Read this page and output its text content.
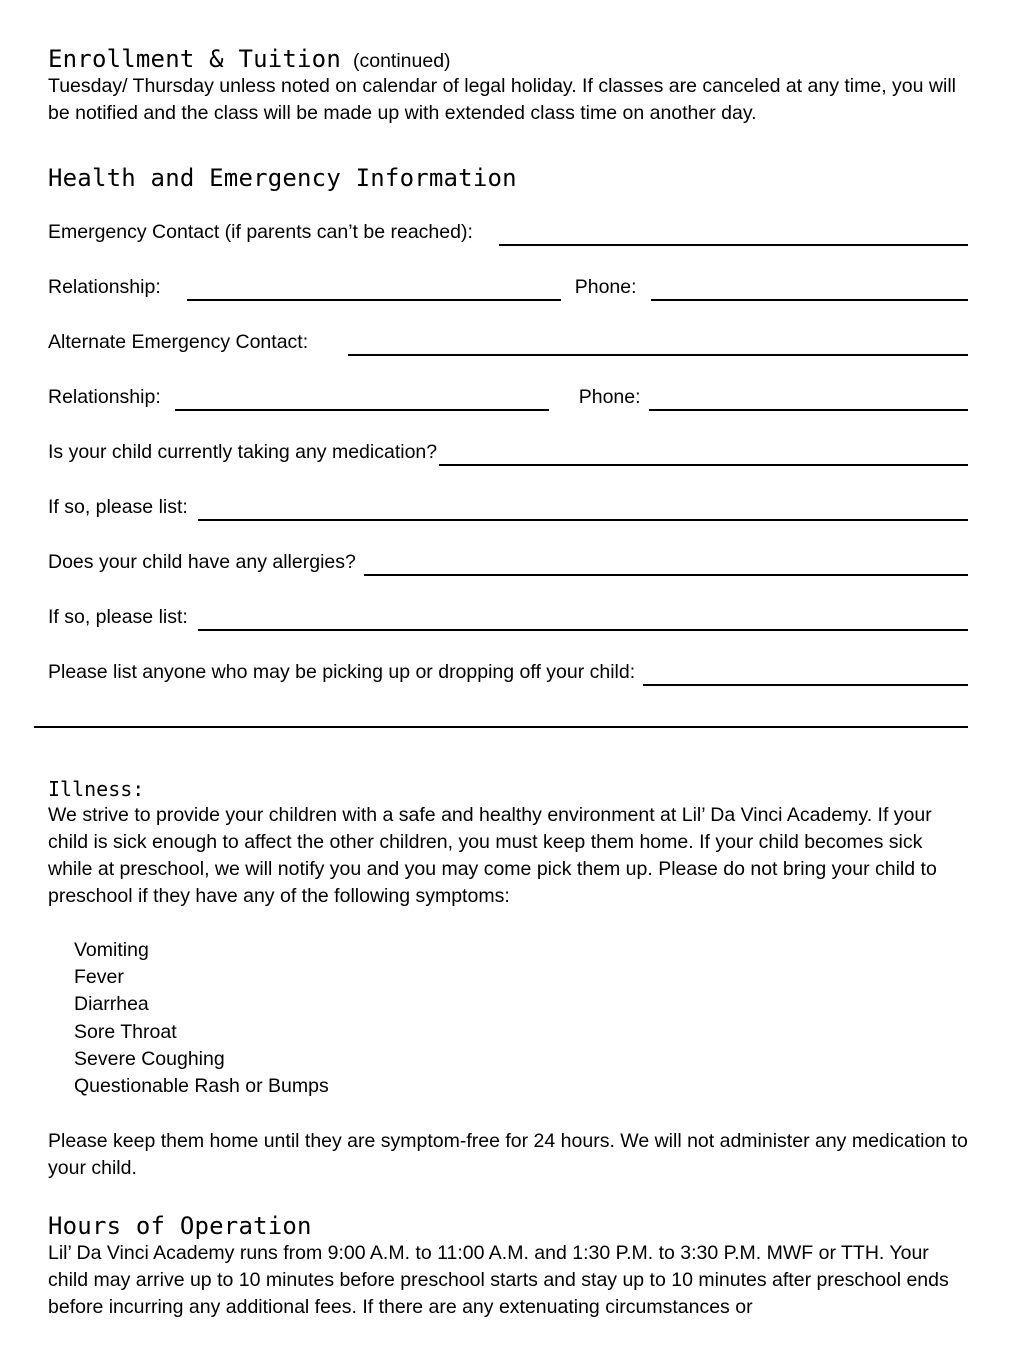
Enrollment & Tuition (continued)

Tuesday/ Thursday unless noted on calendar of legal holiday. If classes are canceled at any time, you will be notified and the class will be made up with extended class time on another day.

Health and Emergency Information

Emergency Contact (if parents can’t be reached):
Relationship:	Phone:
Alternate Emergency Contact:
Relationship:	Phone:
Is your child currently taking any medication?
If so, please list:
Does your child have any allergies?
If so, please list:
Please list anyone who may be picking up or dropping off your child:

Illness:

We strive to provide your children with a safe and healthy environment at Lil’ Da Vinci Academy. If your child is sick enough to affect the other children, you must keep them home. If your child becomes sick while at preschool, we will notify you and you may come pick them up. Please do not bring your child to preschool if they have any of the following symptoms:

Vomiting
Fever
Diarrhea
Sore Throat
Severe Coughing
Questionable Rash or Bumps

Please keep them home until they are symptom-free for 24 hours. We will not administer any medication to your child.

Hours of Operation

Lil’ Da Vinci Academy runs from 9:00 A.M. to 11:00 A.M. and 1:30 P.M. to 3:30 P.M. MWF or TTH. Your child may arrive up to 10 minutes before preschool starts and stay up to 10 minutes after preschool ends before incurring any additional fees. If there are any extenuating circumstances or
